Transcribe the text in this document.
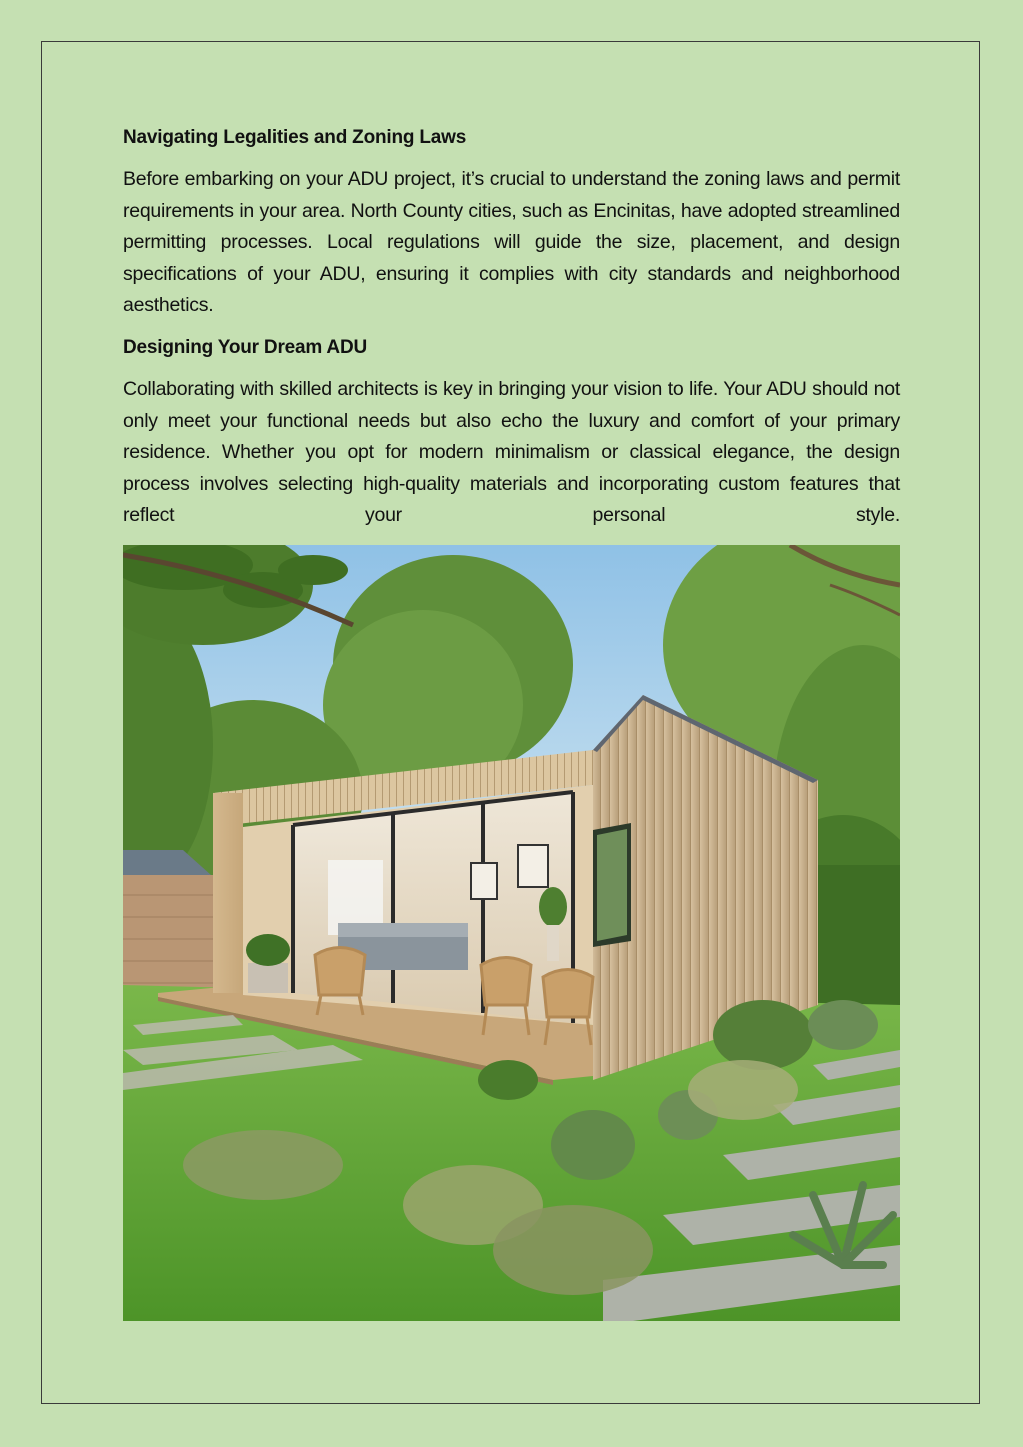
Navigating Legalities and Zoning Laws

Before embarking on your ADU project, it’s crucial to understand the zoning laws and permit requirements in your area. North County cities, such as Encinitas, have adopted streamlined permitting processes. Local regulations will guide the size, placement, and design specifications of your ADU, ensuring it complies with city standards and neighborhood aesthetics.

Designing Your Dream ADU

Collaborating with skilled architects is key in bringing your vision to life. Your ADU should not only meet your functional needs but also echo the luxury and comfort of your primary residence. Whether you opt for modern minimalism or classical elegance, the design process involves selecting high-quality materials and incorporating custom features that reflect your personal style.
